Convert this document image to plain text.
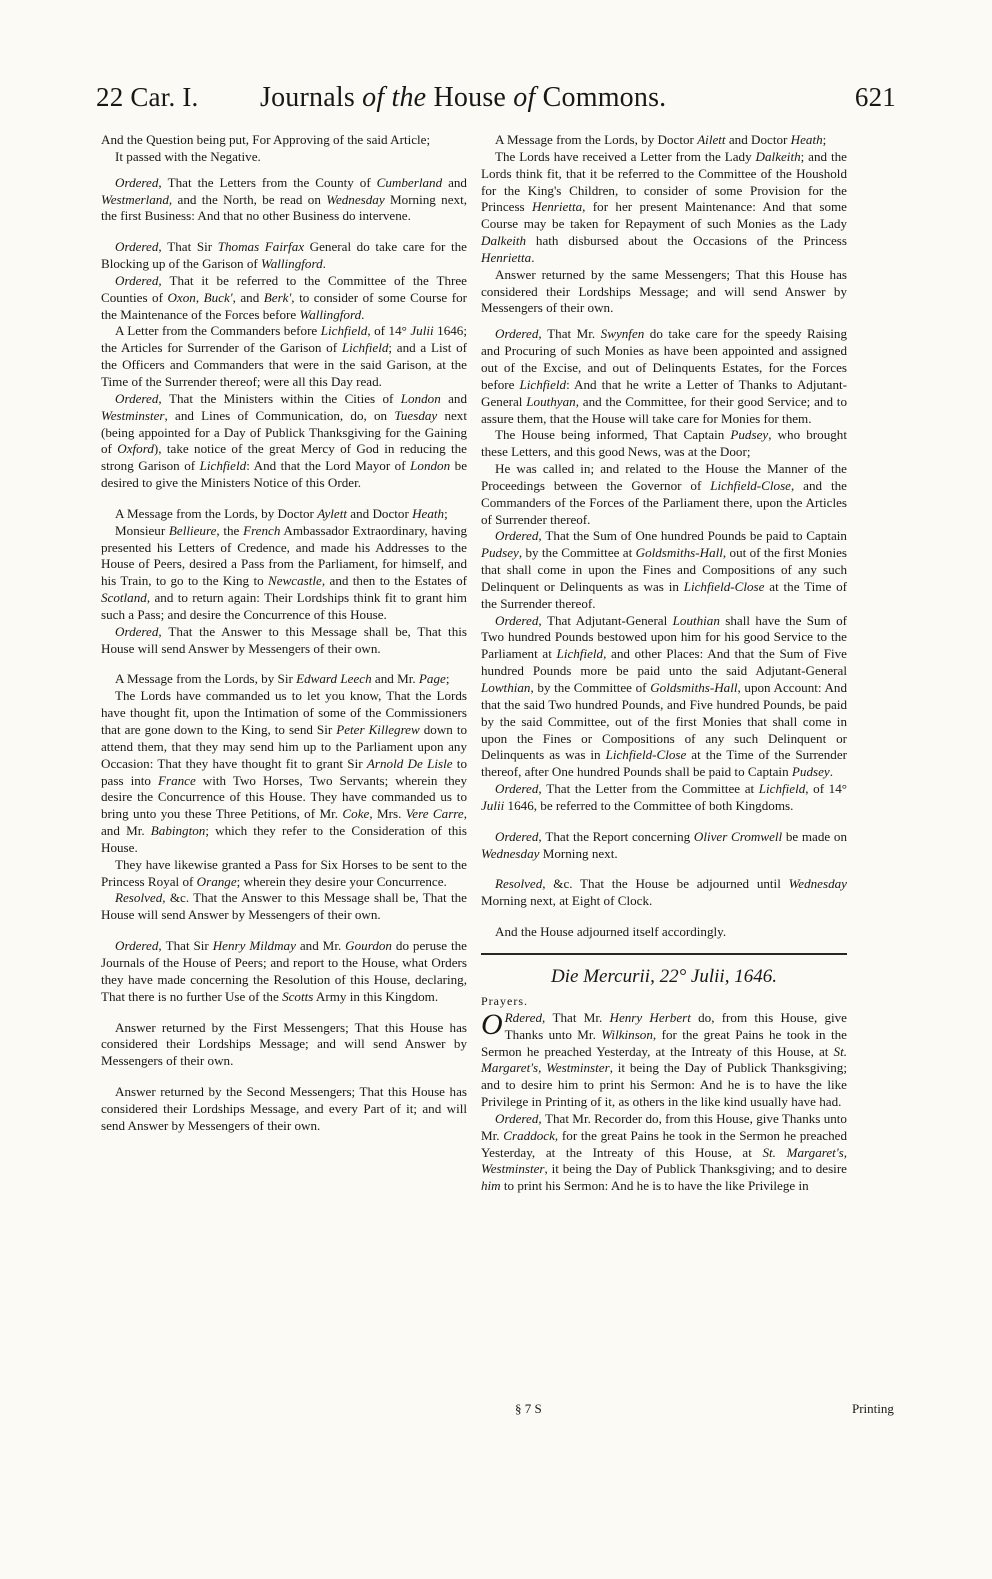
22 Car. I. Journals of the House of Commons.	621

And the Question being put, For Approving of the said Article;

It passed with the Negative.

Ordered, That the Letters from the County of Cumberland and Westmerland, and the North, be read on Wednesday Morning next, the first Business: And that no other Business do intervene.

Ordered, That Sir Thomas Fairfax General do take care for the Blocking up of the Garison of Wallingford.

Ordered, That it be referred to the Committee of the Three Counties of Oxon, Buck', and Berk', to consider of some Course for the Maintenance of the Forces before Wallingford.

A Letter from the Commanders before Lichfield, of 14° Julii 1646; the Articles for Surrender of the Garison of Lichfield; and a List of the Officers and Commanders that were in the said Garison, at the Time of the Surrender thereof; were all this Day read.

Ordered, That the Ministers within the Cities of London and Westminster, and Lines of Communication, do, on Tuesday next (being appointed for a Day of Publick Thanksgiving for the Gaining of Oxford), take notice of the great Mercy of God in reducing the strong Garison of Lichfield: And that the Lord Mayor of London be desired to give the Ministers Notice of this Order.

A Message from the Lords, by Doctor Aylett and Doctor Heath;

Monsieur Bellieure, the French Ambassador Extraordinary, having presented his Letters of Credence, and made his Addresses to the House of Peers, desired a Pass from the Parliament, for himself, and his Train, to go to the King to Newcastle, and then to the Estates of Scotland, and to return again: Their Lordships think fit to grant him such a Pass; and desire the Concurrence of this House.

Ordered, That the Answer to this Message shall be, That this House will send Answer by Messengers of their own.

A Message from the Lords, by Sir Edward Leech and Mr. Page;

The Lords have commanded us to let you know, That the Lords have thought fit, upon the Intimation of some of the Commissioners that are gone down to the King, to send Sir Peter Killegrew down to attend them, that they may send him up to the Parliament upon any Occasion: That they have thought fit to grant Sir Arnold De Lisle to pass into France with Two Horses, Two Servants; wherein they desire the Concurrence of this House. They have commanded us to bring unto you these Three Petitions, of Mr. Coke, Mrs. Vere Carre, and Mr. Babington; which they refer to the Consideration of this House.

They have likewise granted a Pass for Six Horses to be sent to the Princess Royal of Orange; wherein they desire your Concurrence.

Resolved, &c. That the Answer to this Message shall be, That the House will send Answer by Messengers of their own.

Ordered, That Sir Henry Mildmay and Mr. Gourdon do peruse the Journals of the House of Peers; and report to the House, what Orders they have made concerning the Resolution of this House, declaring, That there is no further Use of the Scotts Army in this Kingdom.

Answer returned by the First Messengers; That this House has considered their Lordships Message; and will send Answer by Messengers of their own.

Answer returned by the Second Messengers; That this House has considered their Lordships Message, and every Part of it; and will send Answer by Messengers of their own.

A Message from the Lords, by Doctor Ailett and Doctor Heath;

The Lords have received a Letter from the Lady Dalkeith; and the Lords think fit, that it be referred to the Committee of the Houshold for the King's Children, to consider of some Provision for the Princess Henrietta, for her present Maintenance: And that some Course may be taken for Repayment of such Monies as the Lady Dalkeith hath disbursed about the Occasions of the Princess Henrietta.

Answer returned by the same Messengers; That this House has considered their Lordships Message; and will send Answer by Messengers of their own.

Ordered, That Mr. Swynfen do take care for the speedy Raising and Procuring of such Monies as have been appointed and assigned out of the Excise, and out of Delinquents Estates, for the Forces before Lichfield: And that he write a Letter of Thanks to Adjutant-General Louthyan, and the Committee, for their good Service; and to assure them, that the House will take care for Monies for them.

The House being informed, That Captain Pudsey, who brought these Letters, and this good News, was at the Door;

He was called in; and related to the House the Manner of the Proceedings between the Governor of Lichfield-Close, and the Commanders of the Forces of the Parliament there, upon the Articles of Surrender thereof.

Ordered, That the Sum of One hundred Pounds be paid to Captain Pudsey, by the Committee at Goldsmiths-Hall, out of the first Monies that shall come in upon the Fines and Compositions of any such Delinquent or Delinquents as was in Lichfield-Close at the Time of the Surrender thereof.

Ordered, That Adjutant-General Louthian shall have the Sum of Two hundred Pounds bestowed upon him for his good Service to the Parliament at Lichfield, and other Places: And that the Sum of Five hundred Pounds more be paid unto the said Adjutant-General Lowthian, by the Committee of Goldsmiths-Hall, upon Account: And that the said Two hundred Pounds, and Five hundred Pounds, be paid by the said Committee, out of the first Monies that shall come in upon the Fines or Compositions of any such Delinquent or Delinquents as was in Lichfield-Close at the Time of the Surrender thereof, after One hundred Pounds shall be paid to Captain Pudsey.

Ordered, That the Letter from the Committee at Lichfield, of 14° Julii 1646, be referred to the Committee of both Kingdoms.

Ordered, That the Report concerning Oliver Cromwell be made on Wednesday Morning next.

Resolved, &c. That the House be adjourned until Wednesday Morning next, at Eight of Clock.

And the House adjourned itself accordingly.

Die Mercurii, 22° Julii, 1646.

Prayers.

O Rdered, That Mr. Henry Herbert do, from this House, give Thanks unto Mr. Wilkinson, for the great Pains he took in the Sermon he preached Yesterday, at the Intreaty of this House, at St. Margaret's, Westminster, it being the Day of Publick Thanksgiving; and to desire him to print his Sermon: And he is to have the like Privilege in Printing of it, as others in the like kind usually have had.

Ordered, That Mr. Recorder do, from this House, give Thanks unto Mr. Craddock, for the great Pains he took in the Sermon he preached Yesterday, at the Intreaty of this House, at St. Margaret's, Westminster, it being the Day of Publick Thanksgiving; and to desire him to print his Sermon: And he is to have the like Privilege in

§ 7 S	Printing
